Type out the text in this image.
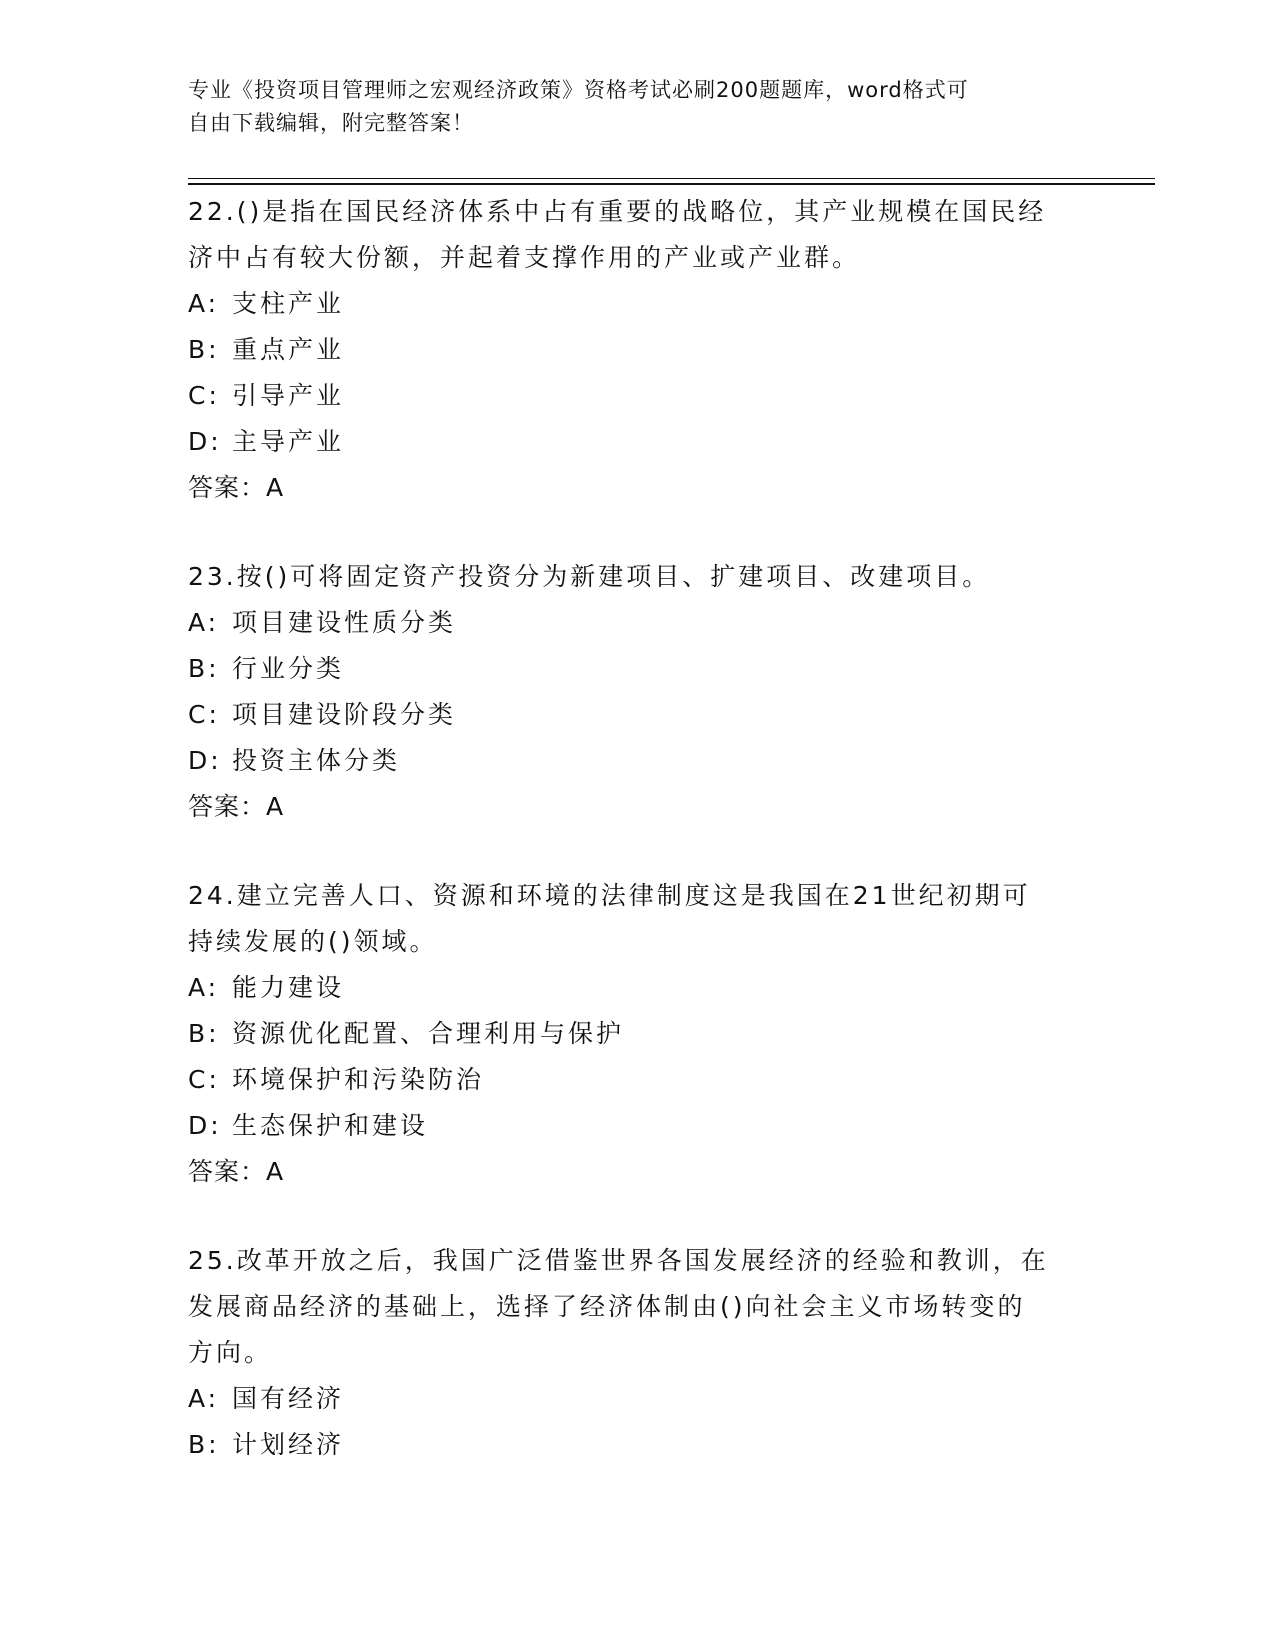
专业《投资项目管理师之宏观经济政策》资格考试必刷200题题库，word格式可
自由下载编辑，附完整答案！
22.()是指在国民经济体系中占有重要的战略位，其产业规模在国民经
济中占有较大份额，并起着支撑作用的产业或产业群。
A: 支柱产业
B: 重点产业
C: 引导产业
D: 主导产业
答案：A
23.按()可将固定资产投资分为新建项目、扩建项目、改建项目。
A: 项目建设性质分类
B: 行业分类
C: 项目建设阶段分类
D: 投资主体分类
答案：A
24.建立完善人口、资源和环境的法律制度这是我国在21世纪初期可
持续发展的()领域。
A: 能力建设
B: 资源优化配置、合理利用与保护
C: 环境保护和污染防治
D: 生态保护和建设
答案：A
25.改革开放之后，我国广泛借鉴世界各国发展经济的经验和教训，在
发展商品经济的基础上，选择了经济体制由()向社会主义市场转变的
方向。
A: 国有经济
B: 计划经济
